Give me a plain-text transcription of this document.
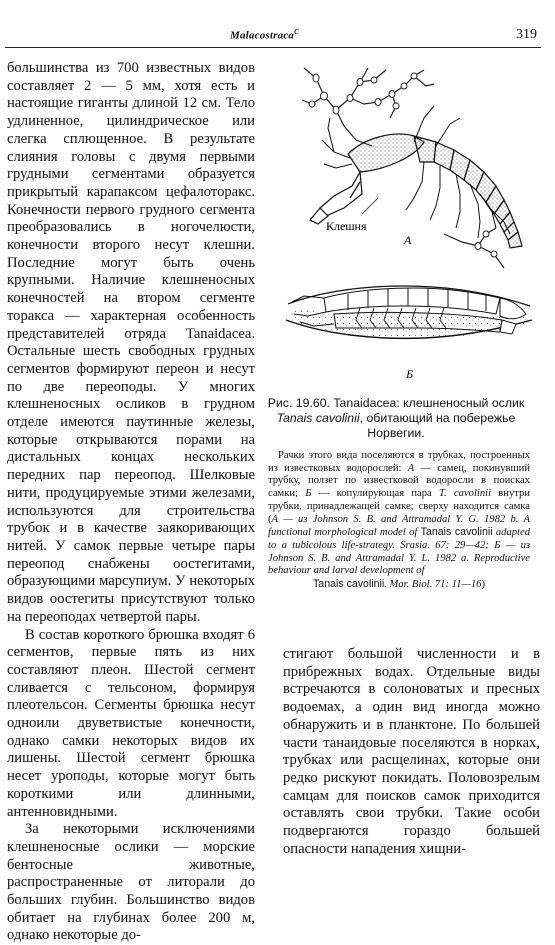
Malacostraca$^C$	319

большинства из 700 известных видов составляет 2 — 5 мм, хотя есть и настоящие гиганты длиной 12 см. Тело удлиненное, цилиндрическое или слегка сплющенное. В результате слияния головы с двумя первыми грудными сегментами образуется прикрытый карапаксом цефалоторакс. Конечности первого грудного сегмента преобразовались в ногочелюсти, конечности второго несут клешни. Последние могут быть очень крупными. Наличие клешненосных конечностей на втором сегменте торакса — характерная особенность представителей отряда Tanaidacea. Остальные шесть свободных грудных сегментов формируют переон и несут по две переоподы. У многих клешненосных осликов в грудном отделе имеются паутинные железы, которые открываются порами на дистальных концах нескольких передних пар переопод. Шелковые нити, продуцируемые этими железами, используются для строительства трубок и в качестве заякоривающих нитей. У самок первые четыре пары переопод снабжены оостегитами, образующими марсупиум. У некоторых видов оостегиты присутствуют только на переоподах четвертой пары.

В состав короткого брюшка входят 6 сегментов, первые пять из них составляют плеон. Шестой сегмент сливается с тельсоном, формируя плеотельсон. Сегменты брюшка несут одноили двуветвистые конечности, однако самки некоторых видов их лишены. Шестой сегмент брюшка несет уроподы, которые могут быть короткими или длинными, антенновидными.

За некоторыми исключениями клешненосные ослики — морские бентосные животные, распространенные от литорали до больших глубин. Большинство видов обитает на глубинах более 200 м, однако некоторые до-

Клешня
А
Б
Рис. 19.60. Tanaidacea: клешненосный ослик
Tanais cavolinii, обитающий на побережье Норвегии.

Рачки этого вида поселяются в трубках, построенных из известковых водорослей: А — самец, покинувший трубку, ползет по известковой водоросли в поисках самки; Б — копулирующая пара T. cavolinii внутри трубки, принадлежащей самке; сверху находится самка (А — из Johnson S. B. and Attramadal Y. G. 1982 b. A functional morphological model of Tanais cavolinii adapted to a tubicolous life-strategy. Srasia. 67: 29—42; Б — из Johnson S. B. and Attramadal Y. L. 1982 a. Reproductive behaviour and larval development of
Tanais cavolinii. Mar. Biol. 71: 11—16)

стигают большой численности и в прибрежных водах. Отдельные виды встречаются в солоноватых и пресных водоемах, а один вид иногда можно обнаружить и в планктоне. По большей части танаидовые поселяются в норках, трубках или расщелинах, которые они редко рискуют покидать. Половозрелым самцам для поисков самок приходится оставлять свои трубки. Такие особи подвергаются гораздо большей опасности нападения хищни-
